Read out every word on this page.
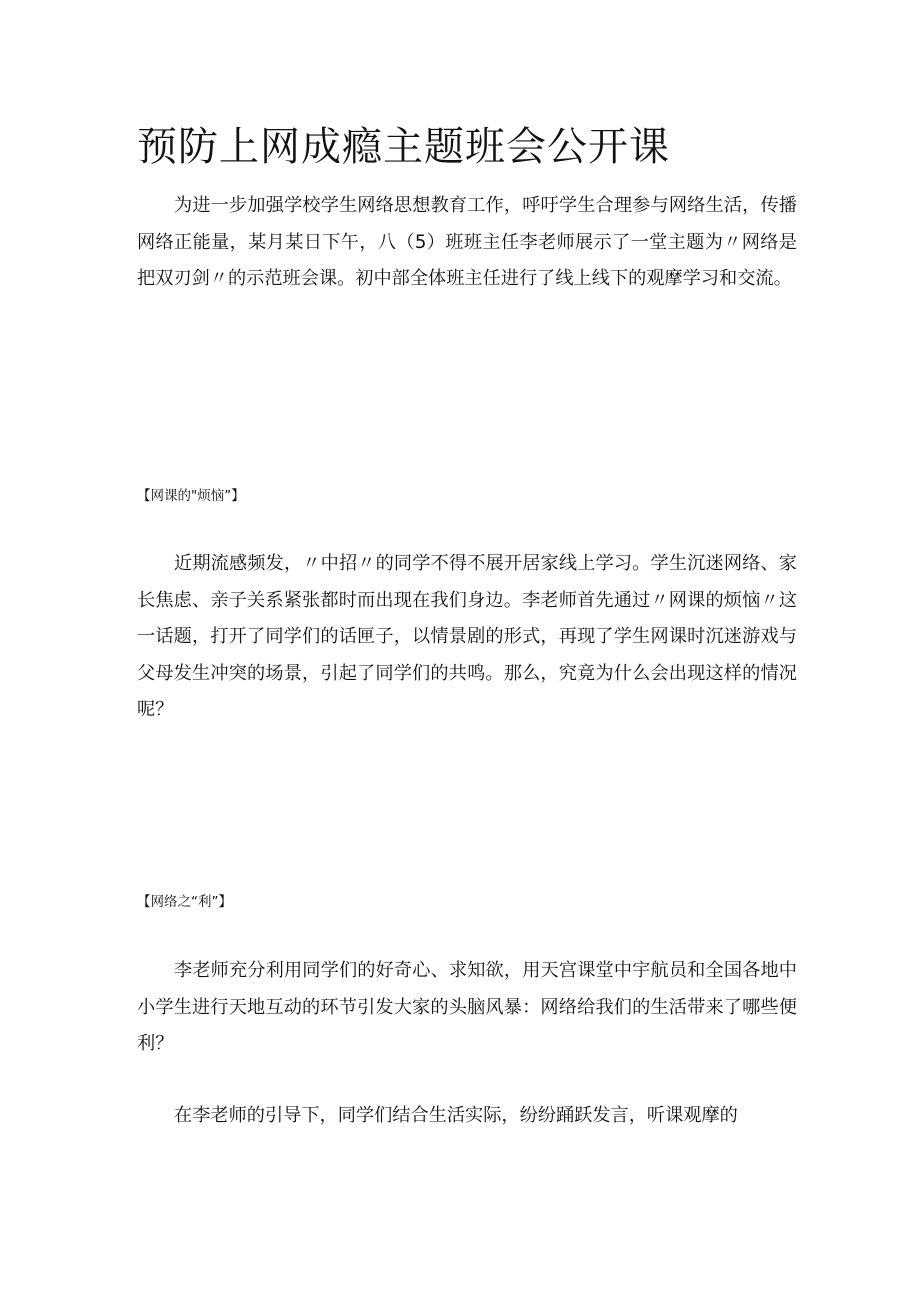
预防上网成瘾主题班会公开课

为进一步加强学校学生网络思想教育工作，呼吁学生合理参与网络生活，传播网络正能量，某月某日下午，八（5）班班主任李老师展示了一堂主题为〃网络是把双刃剑〃的示范班会课。初中部全体班主任进行了线上线下的观摩学习和交流。

【网课的"烦恼”】

近期流感频发，〃中招〃的同学不得不展开居家线上学习。学生沉迷网络、家长焦虑、亲子关系紧张都时而出现在我们身边。李老师首先通过〃网课的烦恼〃这一话题，打开了同学们的话匣子，以情景剧的形式，再现了学生网课时沉迷游戏与父母发生冲突的场景，引起了同学们的共鸣。那么，究竟为什么会出现这样的情况呢？

【网络之“利”】

李老师充分利用同学们的好奇心、求知欲，用天宫课堂中宇航员和全国各地中小学生进行天地互动的环节引发大家的头脑风暴：网络给我们的生活带来了哪些便利？

在李老师的引导下，同学们结合生活实际，纷纷踊跃发言，听课观摩的
